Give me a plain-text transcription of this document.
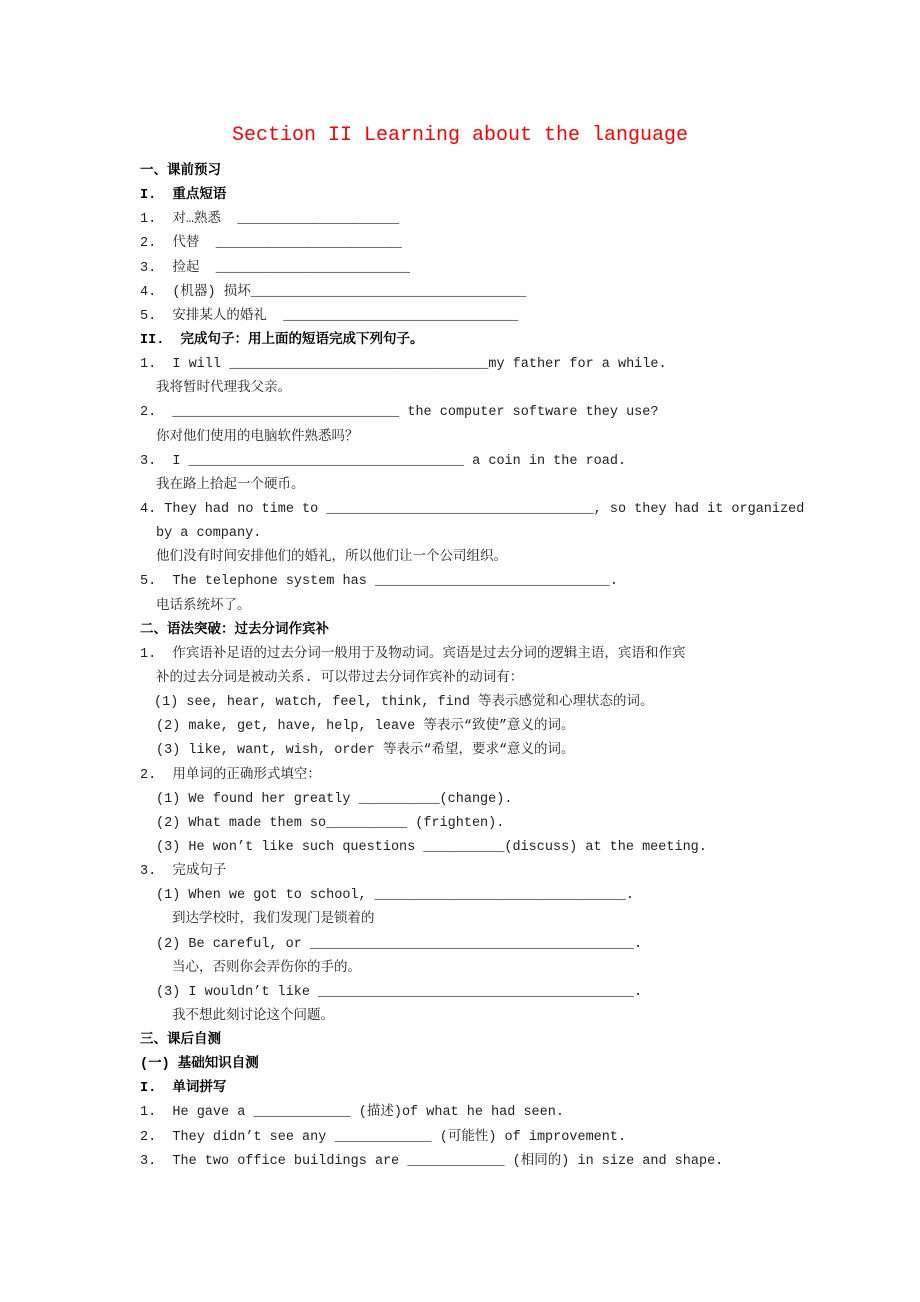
Section II Learning about the language
一、课前预习
I.  重点短语
1.  对…熟悉  ____________________
2.  代替  _______________________
3.  捡起  ________________________
4.  (机器) 损坏__________________________________
5.  安排某人的婚礼  _____________________________
II.  完成句子：用上面的短语完成下列句子。
1.  I will ________________________________my father for a while.
我将暂时代理我父亲。
2.  ____________________________ the computer software they use?
你对他们使用的电脑软件熟悉吗？
3.  I __________________________________ a coin in the road.
我在路上拾起一个硬币。
4. They had no time to _________________________________, so they had it organized
by a company.
他们没有时间安排他们的婚礼，所以他们让一个公司组织。
5.  The telephone system has _____________________________.
电话系统坏了。
二、语法突破：过去分词作宾补
1.  作宾语补足语的过去分词一般用于及物动词。宾语是过去分词的逻辑主语，宾语和作宾
补的过去分词是被动关系. 可以带过去分词作宾补的动词有：
(1) see, hear, watch, feel, think, find 等表示感觉和心理状态的词。
(2) make, get, have, help, leave 等表示“致使”意义的词。
(3) like, want, wish, order 等表示“希望，要求“意义的词。
2.  用单词的正确形式填空：
(1) We found her greatly __________(change).
(2) What made them so__________ (frighten).
(3) He won’t like such questions __________(discuss) at the meeting.
3.  完成句子
(1) When we got to school, _______________________________.
到达学校时，我们发现门是锁着的
(2) Be careful, or ________________________________________.
当心，否则你会弄伤你的手的。
(3) I wouldn’t like _______________________________________.
我不想此刻讨论这个问题。
三、课后自测
(一) 基础知识自测
I.  单词拼写
1.  He gave a ____________ (描述)of what he had seen.
2.  They didn’t see any ____________ (可能性) of improvement.
3.  The two office buildings are ____________ (相同的) in size and shape.
